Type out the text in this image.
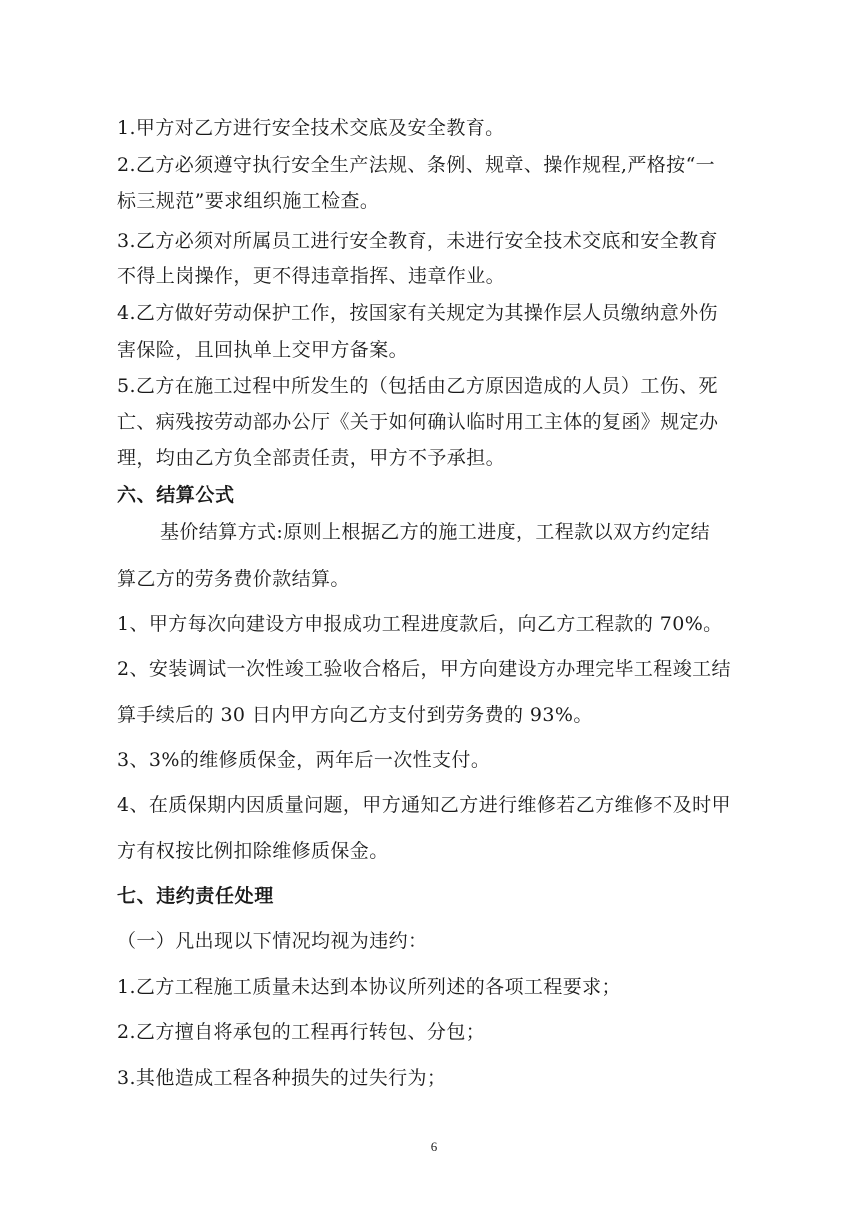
1.甲方对乙方进行安全技术交底及安全教育。
2.乙方必须遵守执行安全生产法规、条例、规章、操作规程,严格按“一
标三规范”要求组织施工检查。
3.乙方必须对所属员工进行安全教育，未进行安全技术交底和安全教育
不得上岗操作，更不得违章指挥、违章作业。
4.乙方做好劳动保护工作，按国家有关规定为其操作层人员缴纳意外伤
害保险，且回执单上交甲方备案。
5.乙方在施工过程中所发生的（包括由乙方原因造成的人员）工伤、死
亡、病残按劳动部办公厅《关于如何确认临时用工主体的复函》规定办
理，均由乙方负全部责任责，甲方不予承担。
六、结算公式
基价结算方式:原则上根据乙方的施工进度，工程款以双方约定结
算乙方的劳务费价款结算。
1、甲方每次向建设方申报成功工程进度款后，向乙方工程款的 70%。
2、安装调试一次性竣工验收合格后，甲方向建设方办理完毕工程竣工结
算手续后的 30 日内甲方向乙方支付到劳务费的 93%。
3、3%的维修质保金，两年后一次性支付。
4、在质保期内因质量问题，甲方通知乙方进行维修若乙方维修不及时甲
方有权按比例扣除维修质保金。
七、违约责任处理
（一）凡出现以下情况均视为违约：
1.乙方工程施工质量未达到本协议所列述的各项工程要求；
2.乙方擅自将承包的工程再行转包、分包；
3.其他造成工程各种损失的过失行为；
6
